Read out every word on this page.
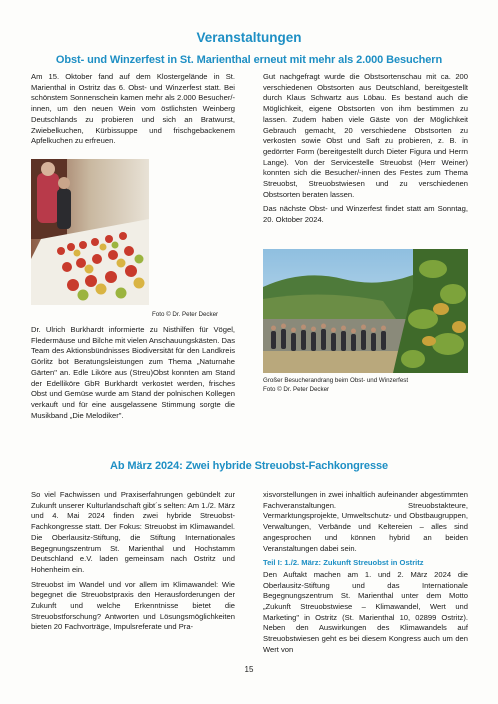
Veranstaltungen
Obst- und Winzerfest in St. Marienthal erneut mit mehr als 2.000 Besuchern

Am 15. Oktober fand auf dem Klostergelände in St. Marienthal in Ostritz das 6. Obst- und Winzerfest statt. Bei schönstem Sonnenschein kamen mehr als 2.000 Besucher/-innen, um den neuen Wein vom östlichsten Weinberg Deutschlands zu probieren und sich an Bratwurst, Zwiebelkuchen, Kürbissuppe und frischgebackenem Apfelkuchen zu erfreuen.

Foto © Dr. Peter Decker

Dr. Ulrich Burkhardt informierte zu Nisthilfen für Vögel, Fledermäuse und Bilche mit vielen Anschauungskästen. Das Team des Aktionsbündnisses Biodiversität für den Landkreis Görlitz bot Beratungsleistungen zum Thema „Naturnahe Gärten" an. Edle Liköre aus (Streu)Obst konnten am Stand der Edelliköre GbR Burkhardt verkostet werden, frisches Obst und Gemüse wurde am Stand der polnischen Kollegen verkauft und für eine ausgelassene Stimmung sorgte die Musikband „Die Melodiker".

Gut nachgefragt wurde die Obstsortenschau mit ca. 200 verschiedenen Obstsorten aus Deutschland, bereitgestellt durch Klaus Schwartz aus Löbau. Es bestand auch die Möglichkeit, eigene Obstsorten von ihm bestimmen zu lassen. Zudem haben viele Gäste von der Möglichkeit Gebrauch gemacht, 20 verschiedene Obstsorten zu verkosten sowie Obst und Saft zu probieren, z. B. in gedörrter Form (bereitgestellt durch Dieter Figura und Herrn Lange). Von der Servicestelle Streuobst (Herr Weiner) konnten sich die Besucher/-innen des Festes zum Thema Streuobst, Streuobstwiesen und zu verschiedenen Obstsorten beraten lassen.

Das nächste Obst- und Winzerfest findet statt am Sonntag, 20. Oktober 2024.

Großer Besucherandrang beim Obst- und Winzerfest
Foto © Dr. Peter Decker
Ab März 2024: Zwei hybride Streuobst-Fachkongresse

So viel Fachwissen und Praxiserfahrungen gebündelt zur Zukunft unserer Kulturlandschaft gibt´s selten: Am 1./2. März und 4. Mai 2024 finden zwei hybride Streuobst-Fachkongresse statt. Der Fokus: Streuobst im Klimawandel. Die Oberlausitz-Stiftung, die Stiftung Internationales Begegnungszentrum St. Marienthal und Hochstamm Deutschland e.V. laden gemeinsam nach Ostritz und Hohenheim ein.

Streuobst im Wandel und vor allem im Klimawandel: Wie begegnet die Streuobstpraxis den Herausforderungen der Zukunft und welche Erkenntnisse bietet die Streuobstforschung? Antworten und Lösungsmöglichkeiten bieten 20 Fachvorträge, Impulsreferate und Pra-

xisvorstellungen in zwei inhaltlich aufeinander abgestimmten Fachveranstaltungen. Streuobstakteure, Vermarktungsprojekte, Umweltschutz- und Obstbaugruppen, Verwaltungen, Verbände und Keltereien – alles sind angesprochen und können hybrid an beiden Veranstaltungen dabei sein.

Teil I: 1./2. März: Zukunft Streuobst in Ostritz

Den Auftakt machen am 1. und 2. März 2024 die Oberlausitz-Stiftung und das Internationale Begegnungszentrum St. Marienthal unter dem Motto „Zukunft Streuobstwiese – Klimawandel, Wert und Marketing" in Ostritz (St. Marienthal 10, 02899 Ostritz). Neben den Auswirkungen des Klimawandels auf Streuobstwiesen geht es bei diesem Kongress auch um den Wert von

15
